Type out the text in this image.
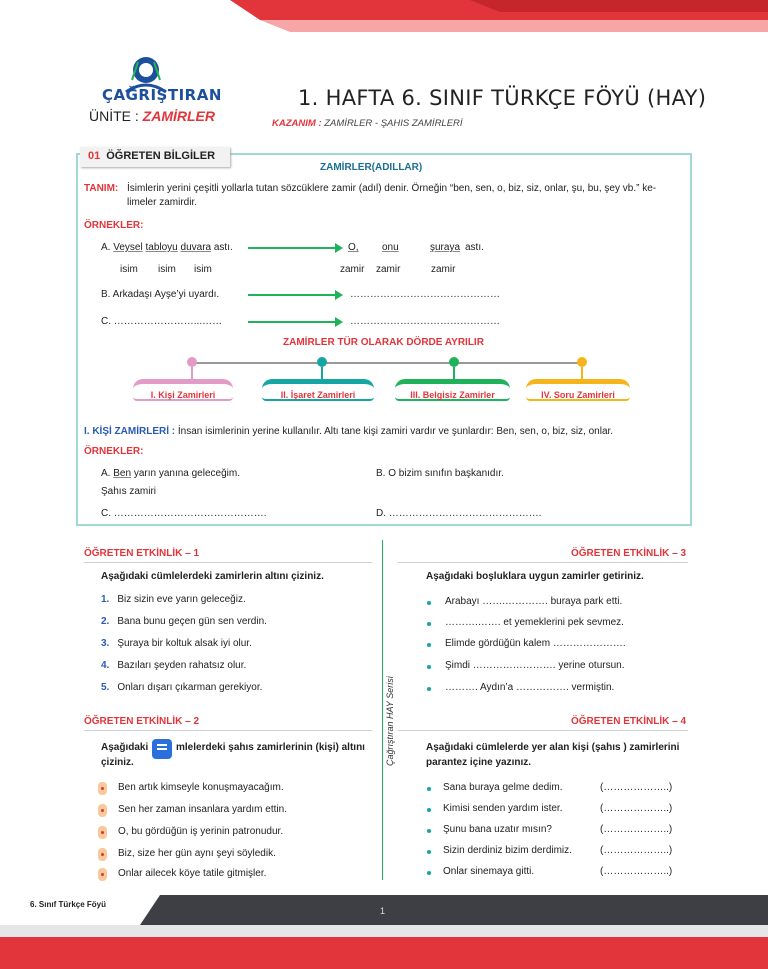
ÇAĞRIŞTIRAN
ÜNİTE : ZAMİRLER
1. HAFTA 6. SINIF TÜRKÇE FÖYÜ (HAY)
KAZANIM : ZAMİRLER - ŞAHIS ZAMİRLERİ
01 ÖĞRETEN BİLGİLER
ZAMİRLER(ADILLAR)
TANIM: İsimlerin yerini çeşitli yollarla tutan sözcüklere zamir (adıl) denir. Örneğin “ben, sen, o, biz, siz, onlar, şu, bu, şey vb.” ke-
limeler zamirdir.
ÖRNEKLER:
A. Veysel tabloyu duvara astı.	O, onu	şuraya astı.
isim isim isim	zamir zamir	zamir
B. Arkadaşı Ayşe’yi uyardı.	………………………………………
C. ……………………...……	………………………………………
ZAMİRLER TÜR OLARAK DÖRDE AYRILIR
I. Kişi Zamirleri	II. İşaret Zamirleri	III. Belgisiz Zamirler	IV. Soru Zamirleri
I. KİŞİ ZAMİRLERİ : İnsan isimlerinin yerine kullanılır. Altı tane kişi zamiri vardır ve şunlardır: Ben, sen, o, biz, siz, onlar.
ÖRNEKLER:
A. Ben yarın yanına geleceğim.
Şahıs zamiri
B. O bizim sınıfın başkanıdır.
C. ……………………………………….	D. ……………………………………….
ÖĞRETEN ETKİNLİK – 1
Aşağıdaki cümlelerdeki zamirlerin altını çiziniz.
1. Biz sizin eve yarın geleceğiz.
2. Bana bunu geçen gün sen verdin.
3. Şuraya bir koltuk alsak iyi olur.
4. Bazıları şeyden rahatsız olur.
5. Onları dışarı çıkarman gerekiyor.	Çağrıştıran HAY Serisi
ÖĞRETEN ETKİNLİK – 2
Aşağıdaki	mlelerdeki şahıs zamirlerinin (kişi) altını
çiziniz.
Ben artık kimseyle konuşmayacağım.
Sen her zaman insanlara yardım ettin.
O, bu gördüğün iş yerinin patronudur.
Biz, size her gün aynı şeyi söyledik.
Onlar ailecek köye tatile gitmişler.
ÖĞRETEN ETKİNLİK – 3
Aşağıdaki boşluklara uygun zamirler getiriniz.
Arabayı …….…………. buraya park etti.
……….……. et yemeklerini pek sevmez.
Elimde gördüğün kalem ………………….
Şimdi ……………………. yerine otursun.
………. Aydın’a ……………. vermiştin.
ÖĞRETEN ETKİNLİK – 4
Aşağıdaki cümlelerde yer alan kişi (şahıs ) zamirlerini
parantez içine yazınız.
Sana buraya gelme dedim.	(………………..)
Kimisi senden yardım ister.	(………………..)
Şunu bana uzatır mısın?	(………………..)
Sizin derdiniz bizim derdimiz.	(………………..)
Onlar sinemaya gitti.	(………………..)
6. Sınıf Türkçe Föyü
1
